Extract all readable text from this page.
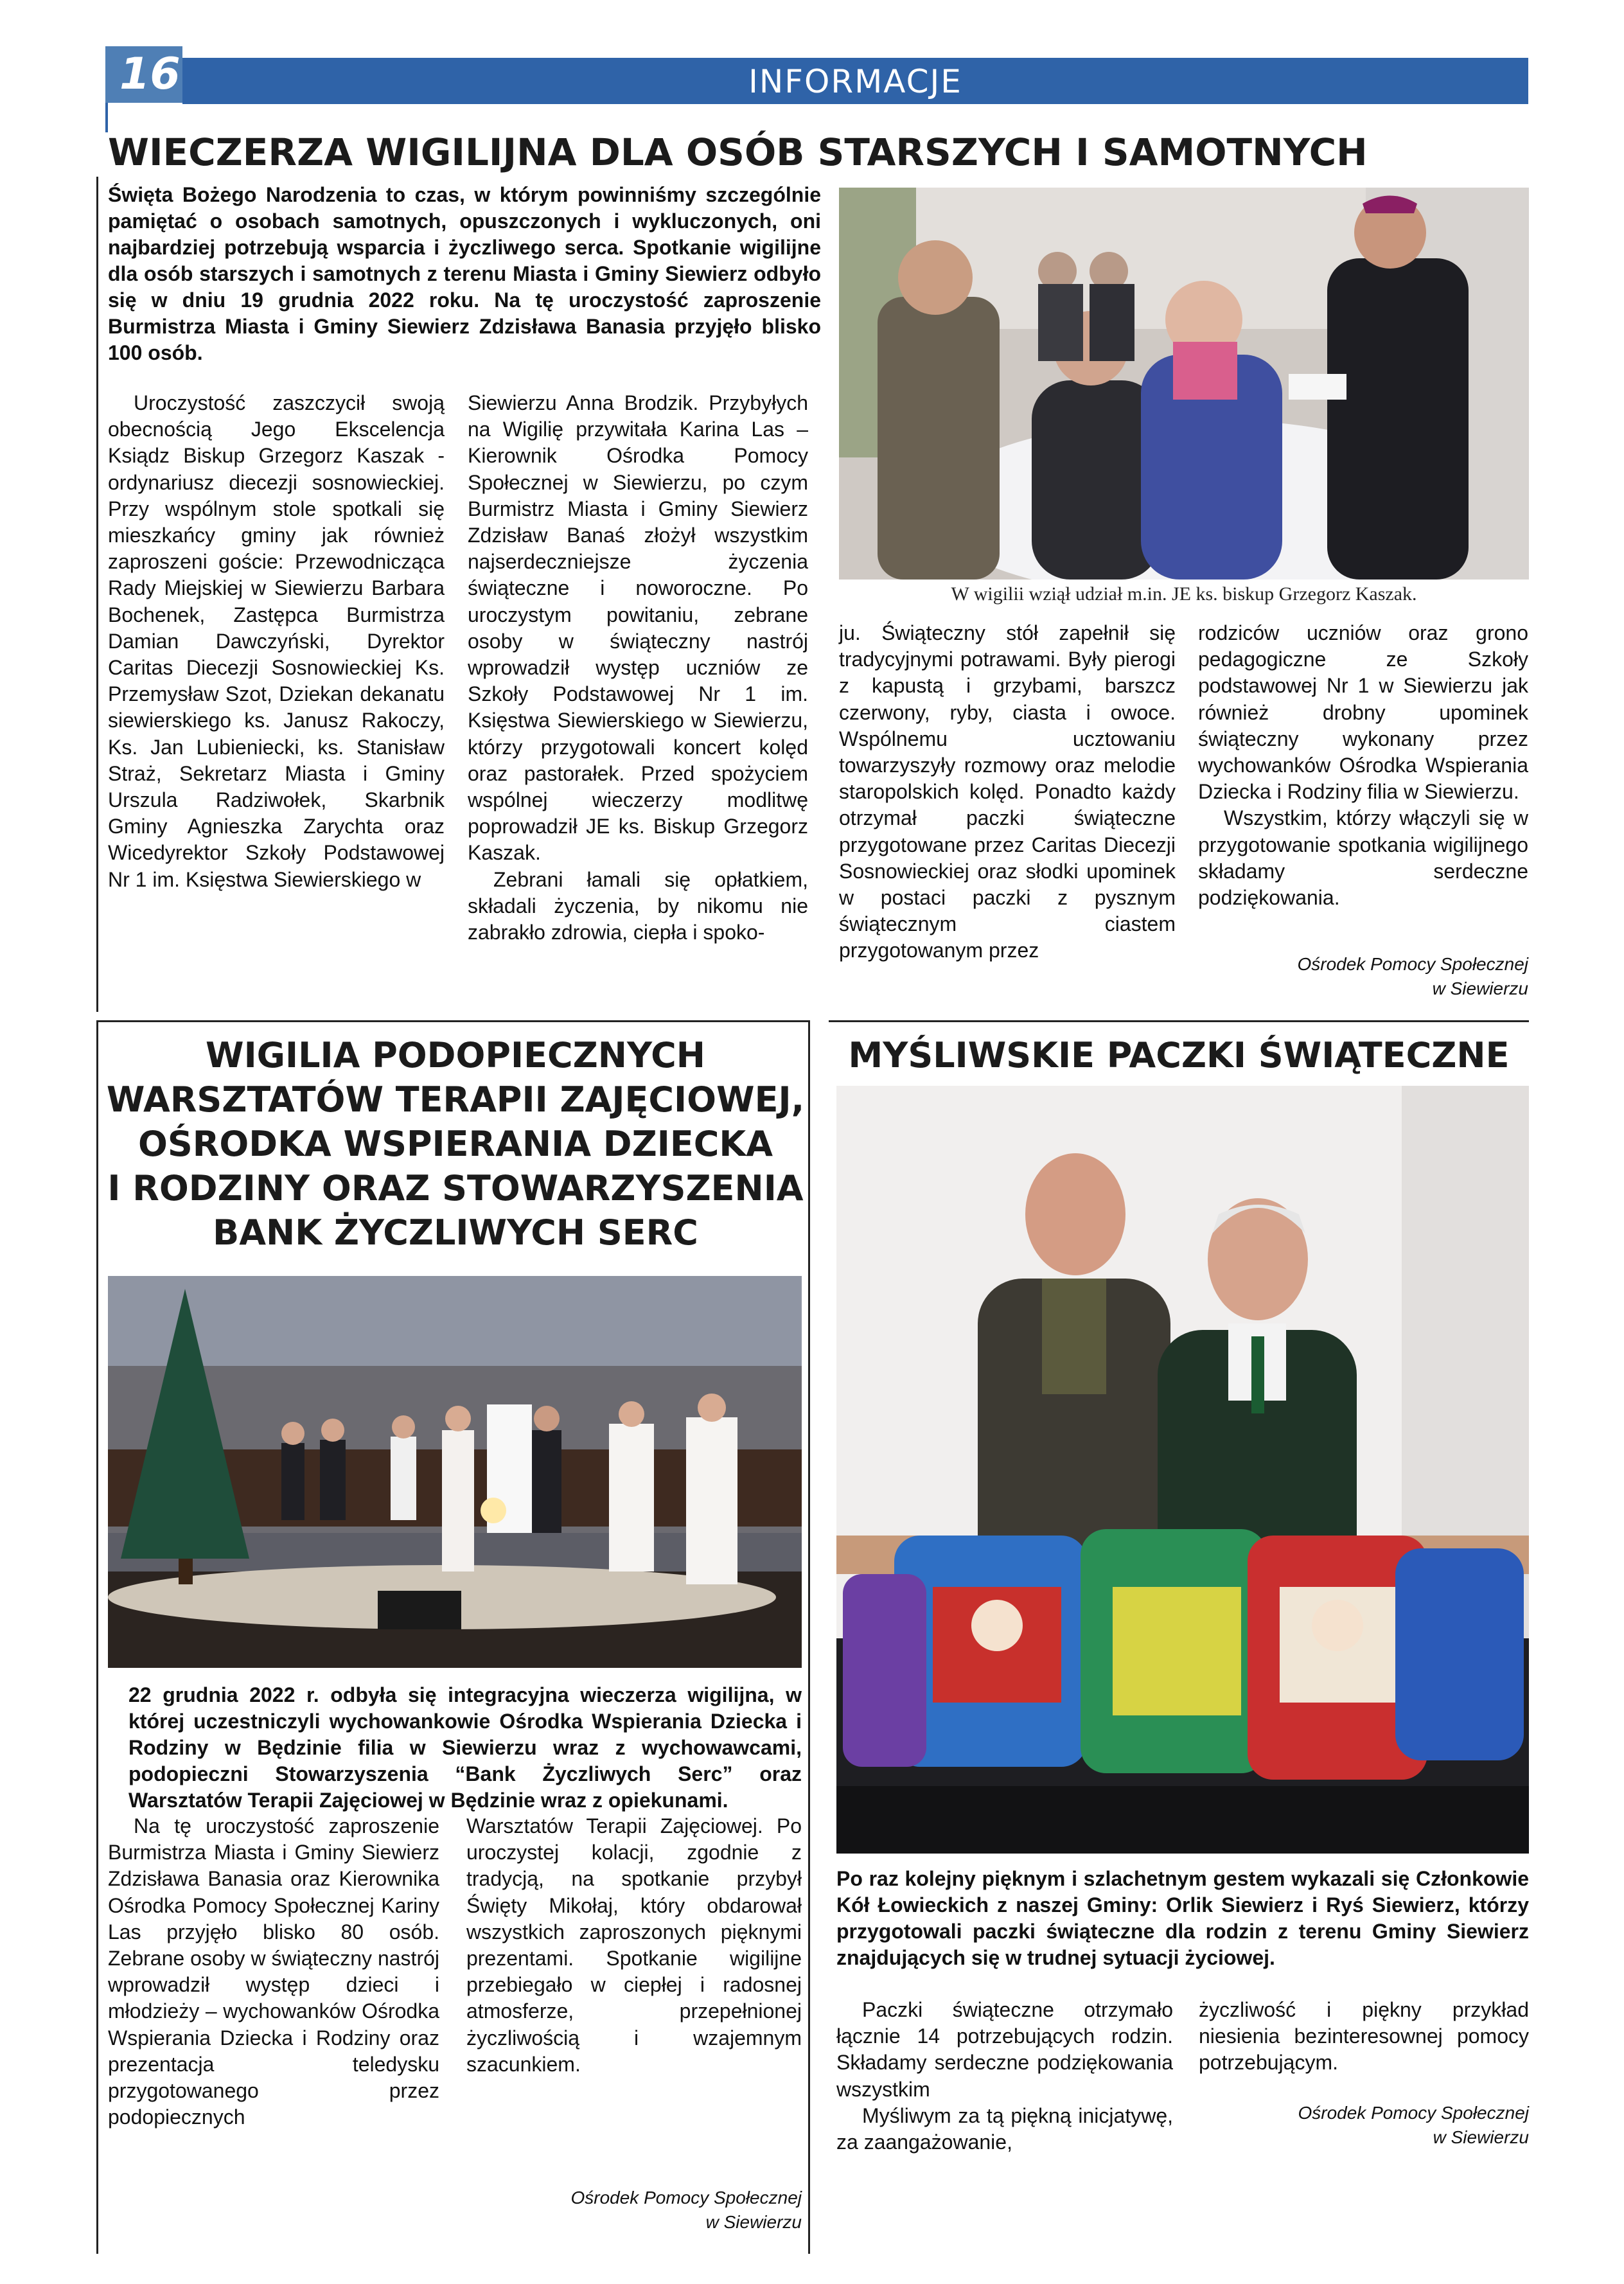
16	INFORMACJE
WIECZERZA WIGILIJNA DLA OSÓB STARSZYCH I SAMOTNYCH
Święta Bożego Narodzenia to czas, w którym powinniśmy szczególnie pamiętać o osobach samotnych, opuszczonych i wykluczonych, oni najbardziej potrzebują wsparcia i życzliwego serca. Spotkanie wigilijne dla osób starszych i samotnych z terenu Miasta i Gminy Siewierz odbyło się w dniu 19 grudnia 2022 roku. Na tę uroczystość zaproszenie Burmistrza Miasta i Gminy Siewierz Zdzisława Banasia przyjęło blisko 100 osób.

Uroczystość zaszczycił swoją obecnością Jego Ekscelencja Ksiądz Biskup Grzegorz Kaszak - ordynariusz diecezji sosnowieckiej. Przy wspólnym stole spotkali się mieszkańcy gminy jak również zaproszeni goście: Przewodnicząca Rady Miejskiej w Siewierzu Barbara Bochenek, Zastępca Burmistrza Damian Dawczyński, Dyrektor Caritas Diecezji Sosnowieckiej Ks. Przemysław Szot, Dziekan dekanatu siewierskiego ks. Janusz Rakoczy, Ks. Jan Lubieniecki, ks. Stanisław Straż, Sekretarz Miasta i Gminy Urszula Radziwołek, Skarbnik Gminy Agnieszka Zarychta oraz Wicedyrektor Szkoły Podstawowej Nr 1 im. Księstwa Siewierskiego w

Siewierzu Anna Brodzik. Przybyłych na Wigilię przywitała Karina Las – Kierownik Ośrodka Pomocy Społecznej w Siewierzu, po czym Burmistrz Miasta i Gminy Siewierz Zdzisław Banaś złożył wszystkim najserdeczniejsze życzenia świąteczne i noworoczne. Po uroczystym powitaniu, zebrane osoby w świąteczny nastrój wprowadził występ uczniów ze Szkoły Podstawowej Nr 1 im. Księstwa Siewierskiego w Siewierzu, którzy przygotowali koncert kolęd oraz pastorałek. Przed spożyciem wspólnej wieczerzy modlitwę poprowadził JE ks. Biskup Grzegorz Kaszak.

Zebrani łamali się opłatkiem, składali życzenia, by nikomu nie zabrakło zdrowia, ciepła i spoko-

W wigilii wziął udział m.in. JE ks. biskup Grzegorz Kaszak.

ju. Świąteczny stół zapełnił się tradycyjnymi potrawami. Były pierogi z kapustą i grzybami, barszcz czerwony, ryby, ciasta i owoce. Wspólnemu ucztowaniu towarzyszyły rozmowy oraz melodie staropolskich kolęd. Ponadto każdy otrzymał paczki świąteczne przygotowane przez Caritas Diecezji Sosnowieckiej oraz słodki upominek w postaci paczki z pysznym świątecznym ciastem przygotowanym przez

rodziców uczniów oraz grono pedagogiczne ze Szkoły podstawowej Nr 1 w Siewierzu jak również drobny upominek świąteczny wykonany przez wychowanków Ośrodka Wspierania Dziecka i Rodziny filia w Siewierzu.

Wszystkim, którzy włączyli się w przygotowanie spotkania wigilijnego składamy serdeczne podziękowania.

Ośrodek Pomocy Społecznej
w Siewierzu
WIGILIA PODOPIECZNYCH
WARSZTATÓW TERAPII ZAJĘCIOWEJ,
OŚRODKA WSPIERANIA DZIECKA
I RODZINY ORAZ STOWARZYSZENIA
BANK ŻYCZLIWYCH SERC
22 grudnia 2022 r. odbyła się integracyjna wieczerza wigilijna, w której uczestniczyli wychowankowie Ośrodka Wspierania Dziecka i Rodziny w Będzinie filia w Siewierzu wraz z wychowawcami, podopieczni Stowarzyszenia “Bank Życzliwych Serc” oraz Warsztatów Terapii Zajęciowej w Będzinie wraz z opiekunami.

Na tę uroczystość zaproszenie Burmistrza Miasta i Gminy Siewierz Zdzisława Banasia oraz Kierownika Ośrodka Pomocy Społecznej Kariny Las przyjęło blisko 80 osób. Zebrane osoby w świąteczny nastrój wprowadził występ dzieci i młodzieży – wychowanków Ośrodka Wspierania Dziecka i Rodziny oraz prezentacja teledysku przygotowanego przez podopiecznych

Warsztatów Terapii Zajęciowej. Po uroczystej kolacji, zgodnie z tradycją, na spotkanie przybył Święty Mikołaj, który obdarował wszystkich zaproszonych pięknymi prezentami. Spotkanie wigilijne przebiegało w ciepłej i radosnej atmosferze, przepełnionej życzliwością i wzajemnym szacunkiem.

Ośrodek Pomocy Społecznej
w Siewierzu
MYŚLIWSKIE PACZKI ŚWIĄTECZNE
Po raz kolejny pięknym i szlachetnym gestem wykazali się Członkowie Kół Łowieckich z naszej Gminy: Orlik Siewierz i Ryś Siewierz, którzy przygotowali paczki świąteczne dla rodzin z terenu Gminy Siewierz znajdujących się w trudnej sytuacji życiowej.

Paczki świąteczne otrzymało łącznie 14 potrzebujących rodzin. Składamy serdeczne podziękowania wszystkim

Myśliwym za tą piękną inicjatywę, za zaangażowanie,

życzliwość i piękny przykład niesienia bezinteresownej pomocy potrzebującym.

Ośrodek Pomocy Społecznej
w Siewierzu
